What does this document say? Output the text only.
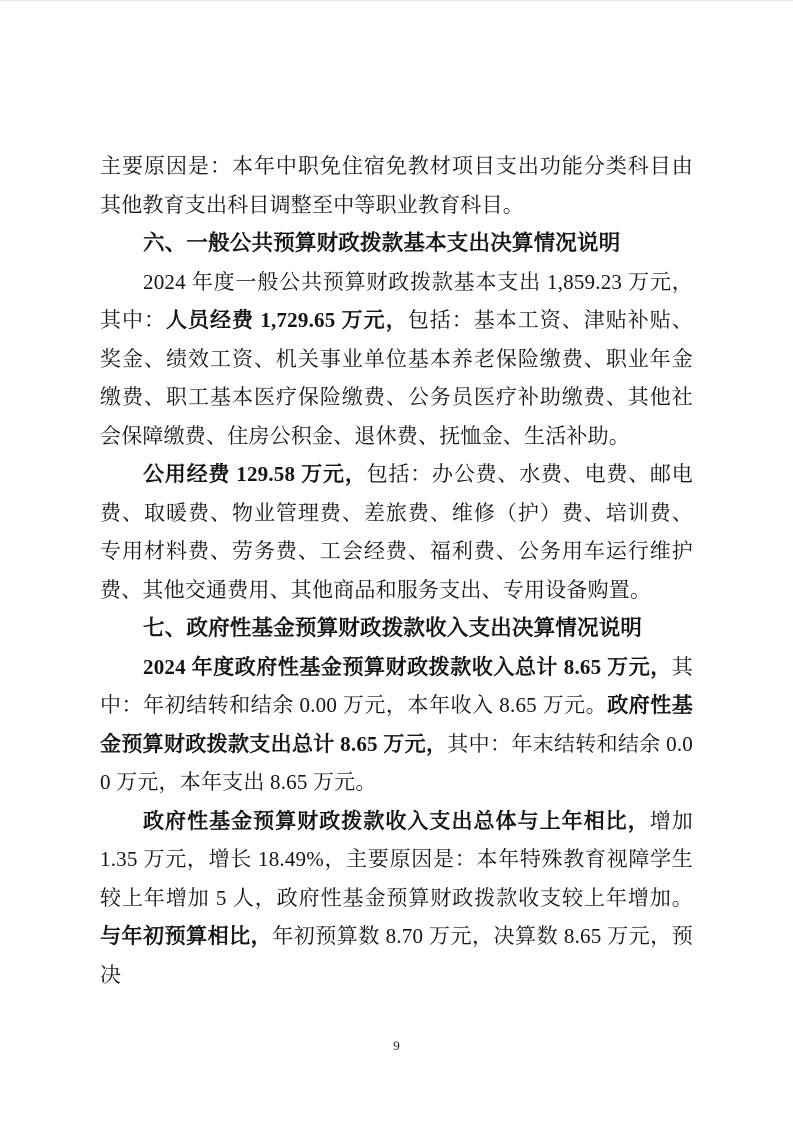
主要原因是：本年中职免住宿免教材项目支出功能分类科目由其他教育支出科目调整至中等职业教育科目。

六、一般公共预算财政拨款基本支出决算情况说明

2024 年度一般公共预算财政拨款基本支出 1,859.23 万元，其中：人员经费 1,729.65 万元，包括：基本工资、津贴补贴、奖金、绩效工资、机关事业单位基本养老保险缴费、职业年金缴费、职工基本医疗保险缴费、公务员医疗补助缴费、其他社会保障缴费、住房公积金、退休费、抚恤金、生活补助。

公用经费 129.58 万元，包括：办公费、水费、电费、邮电费、取暖费、物业管理费、差旅费、维修（护）费、培训费、专用材料费、劳务费、工会经费、福利费、公务用车运行维护费、其他交通费用、其他商品和服务支出、专用设备购置。

七、政府性基金预算财政拨款收入支出决算情况说明

2024 年度政府性基金预算财政拨款收入总计 8.65 万元，其中：年初结转和结余 0.00 万元，本年收入 8.65 万元。政府性基金预算财政拨款支出总计 8.65 万元，其中：年末结转和结余 0.00 万元，本年支出 8.65 万元。

政府性基金预算财政拨款收入支出总体与上年相比，增加 1.35 万元，增长 18.49%，主要原因是：本年特殊教育视障学生较上年增加 5 人，政府性基金预算财政拨款收支较上年增加。与年初预算相比，年初预算数 8.70 万元，决算数 8.65 万元，预决

9
